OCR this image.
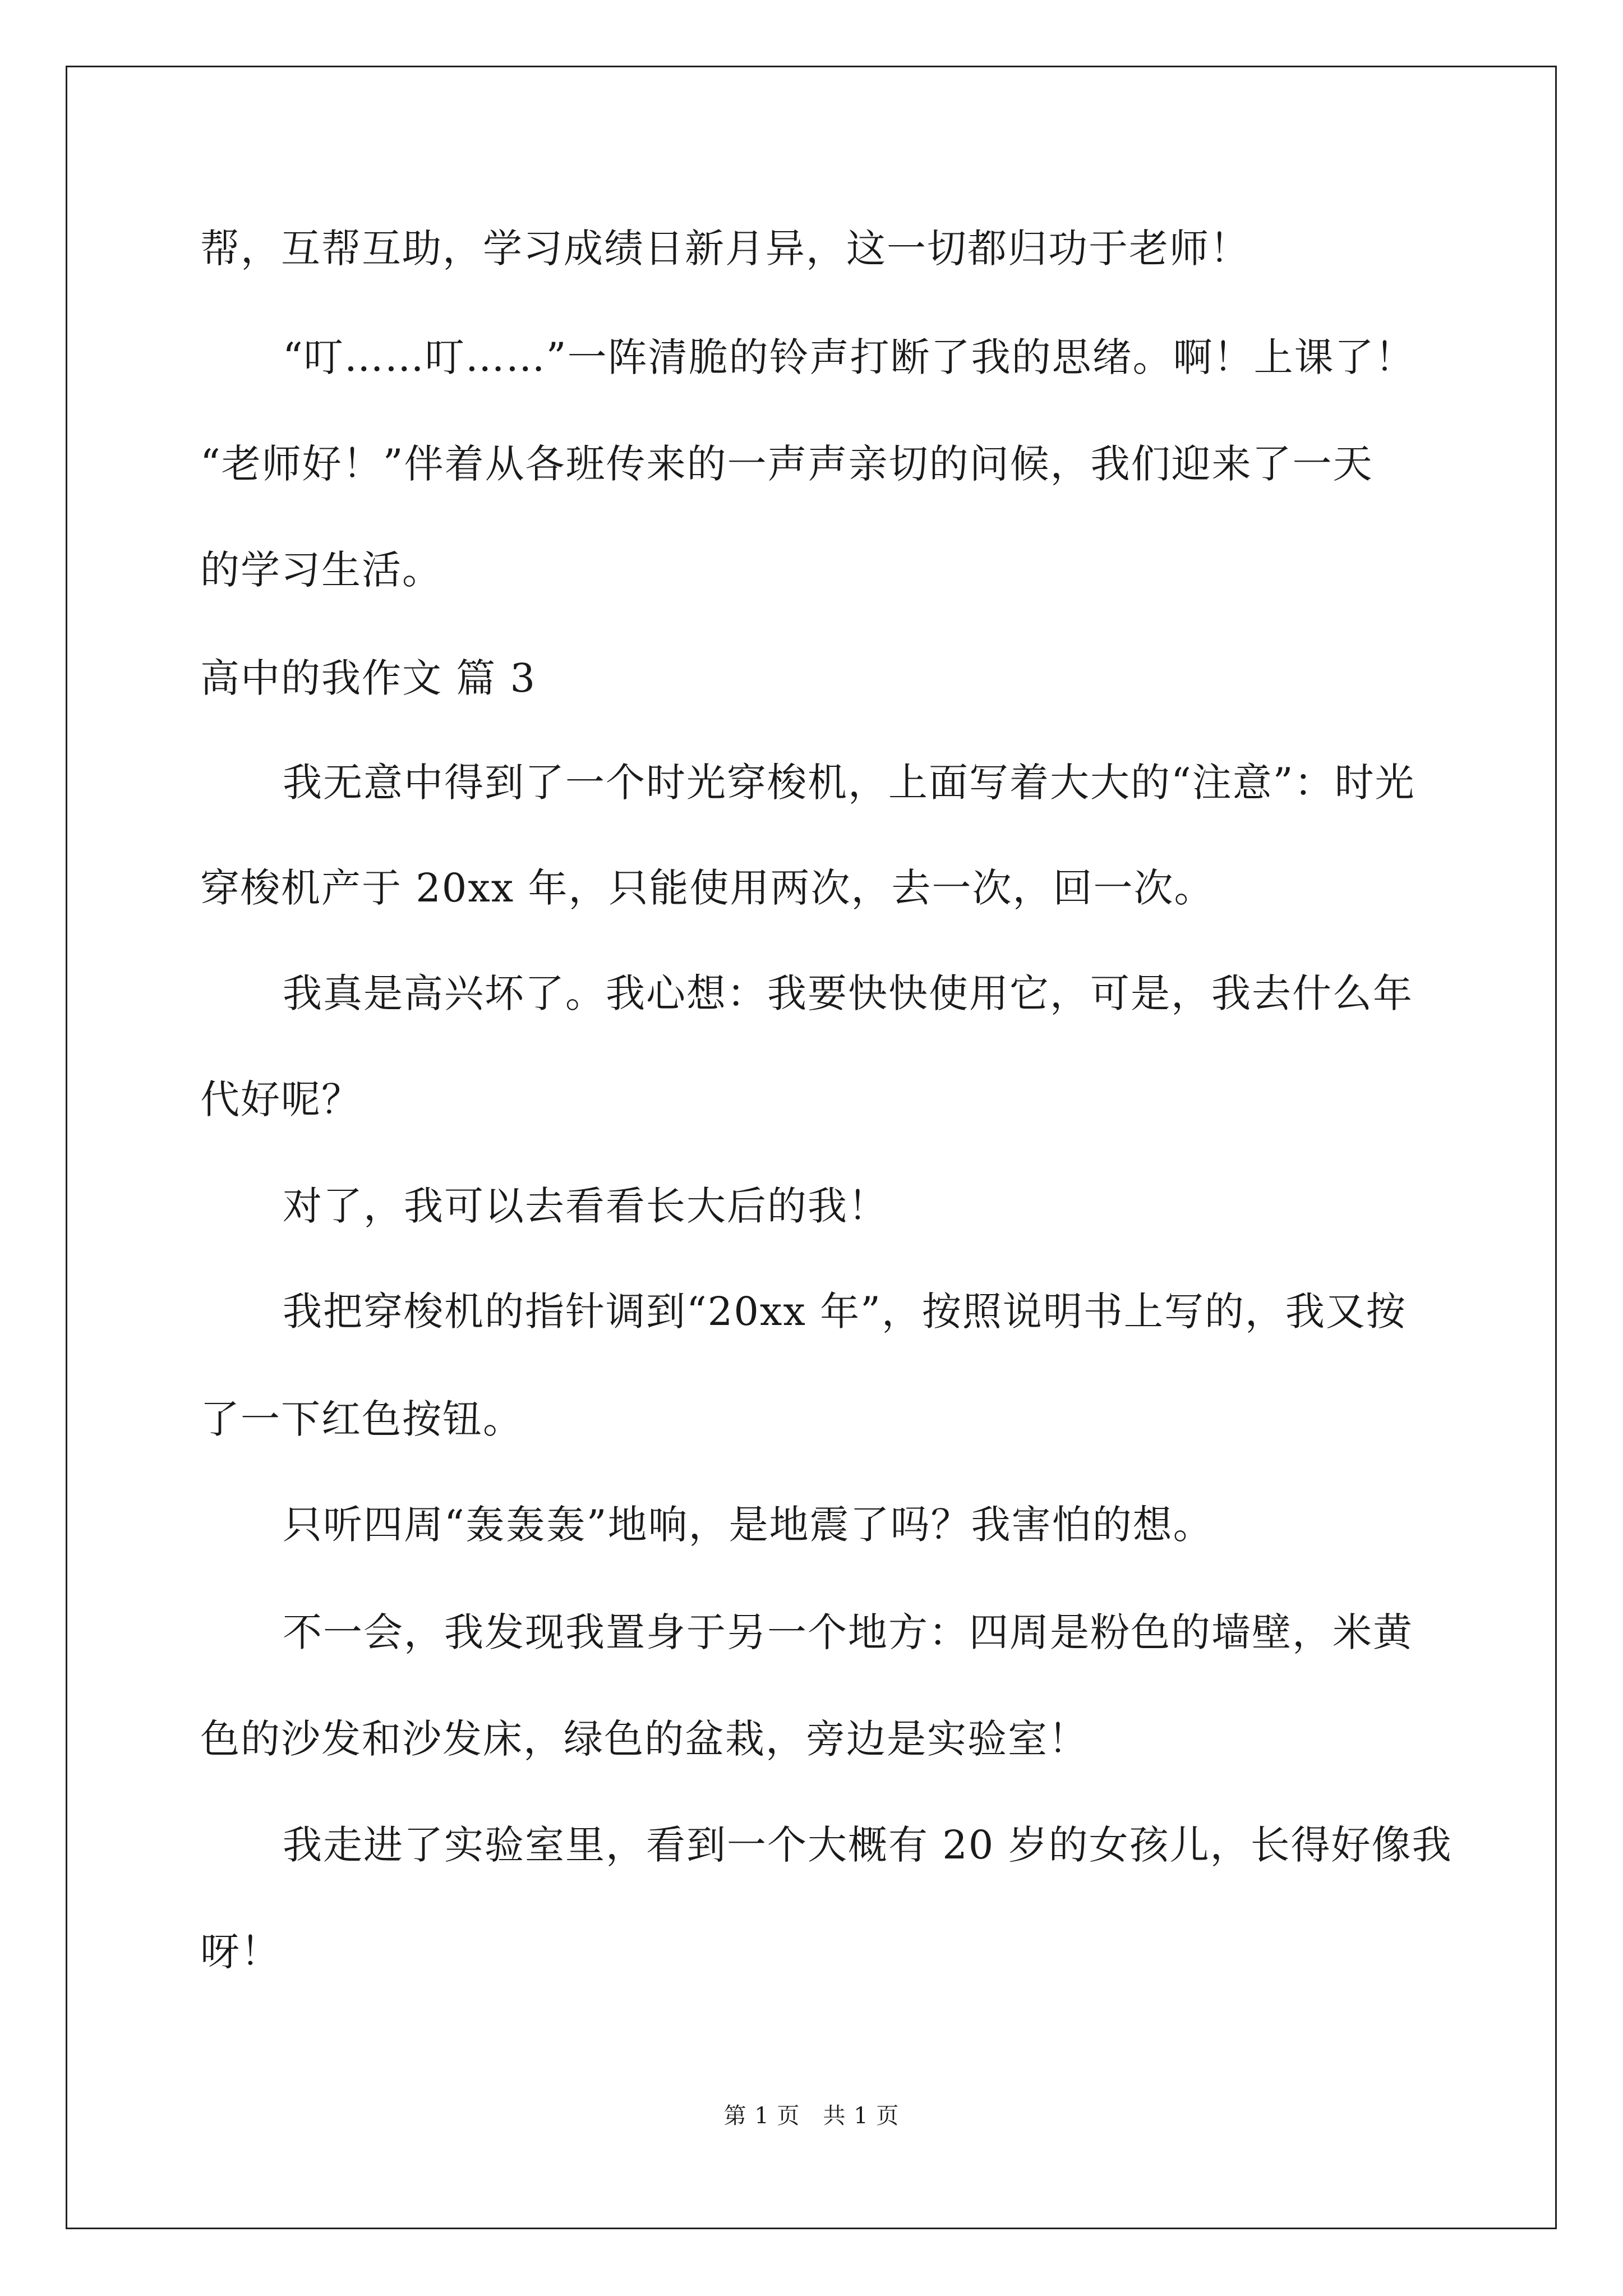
帮，互帮互助，学习成绩日新月异，这一切都归功于老师！
“叮……叮……”一阵清脆的铃声打断了我的思绪。啊！上课了！
“老师好！”伴着从各班传来的一声声亲切的问候，我们迎来了一天
的学习生活。
高中的我作文 篇 3
我无意中得到了一个时光穿梭机，上面写着大大的“注意”：时光
穿梭机产于 20xx 年，只能使用两次，去一次，回一次。
我真是高兴坏了。我心想：我要快快使用它，可是，我去什么年
代好呢？
对了，我可以去看看长大后的我！
我把穿梭机的指针调到“20xx 年”，按照说明书上写的，我又按
了一下红色按钮。
只听四周“轰轰轰”地响，是地震了吗？我害怕的想。
不一会，我发现我置身于另一个地方：四周是粉色的墙壁，米黄
色的沙发和沙发床，绿色的盆栽，旁边是实验室！
我走进了实验室里，看到一个大概有 20 岁的女孩儿，长得好像我
呀！
第 1 页　共 1 页
